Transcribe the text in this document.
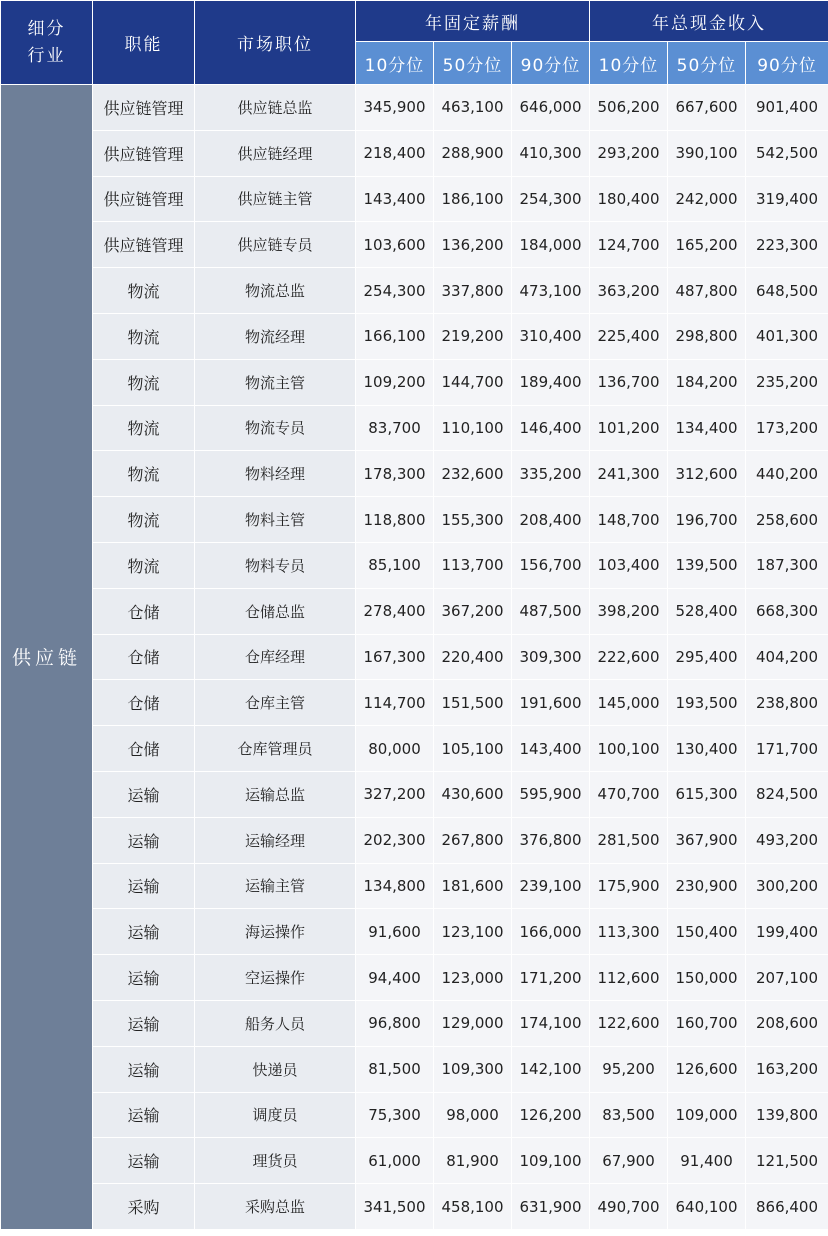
细分
行业	职能	市场职位	年固定薪酬			年总现金收入		
			10分位	50分位	90分位	10分位	50分位	90分位
供应链	供应链管理	供应链总监	345,900	463,100	646,000	506,200	667,600	901,400
	供应链管理	供应链经理	218,400	288,900	410,300	293,200	390,100	542,500
	供应链管理	供应链主管	143,400	186,100	254,300	180,400	242,000	319,400
	供应链管理	供应链专员	103,600	136,200	184,000	124,700	165,200	223,300
	物流	物流总监	254,300	337,800	473,100	363,200	487,800	648,500
	物流	物流经理	166,100	219,200	310,400	225,400	298,800	401,300
	物流	物流主管	109,200	144,700	189,400	136,700	184,200	235,200
	物流	物流专员	83,700	110,100	146,400	101,200	134,400	173,200
	物流	物料经理	178,300	232,600	335,200	241,300	312,600	440,200
	物流	物料主管	118,800	155,300	208,400	148,700	196,700	258,600
	物流	物料专员	85,100	113,700	156,700	103,400	139,500	187,300
	仓储	仓储总监	278,400	367,200	487,500	398,200	528,400	668,300
	仓储	仓库经理	167,300	220,400	309,300	222,600	295,400	404,200
	仓储	仓库主管	114,700	151,500	191,600	145,000	193,500	238,800
	仓储	仓库管理员	80,000	105,100	143,400	100,100	130,400	171,700
	运输	运输总监	327,200	430,600	595,900	470,700	615,300	824,500
	运输	运输经理	202,300	267,800	376,800	281,500	367,900	493,200
	运输	运输主管	134,800	181,600	239,100	175,900	230,900	300,200
	运输	海运操作	91,600	123,100	166,000	113,300	150,400	199,400
	运输	空运操作	94,400	123,000	171,200	112,600	150,000	207,100
	运输	船务人员	96,800	129,000	174,100	122,600	160,700	208,600
	运输	快递员	81,500	109,300	142,100	95,200	126,600	163,200
	运输	调度员	75,300	98,000	126,200	83,500	109,000	139,800
	运输	理货员	61,000	81,900	109,100	67,900	91,400	121,500
	采购	采购总监	341,500	458,100	631,900	490,700	640,100	866,400
